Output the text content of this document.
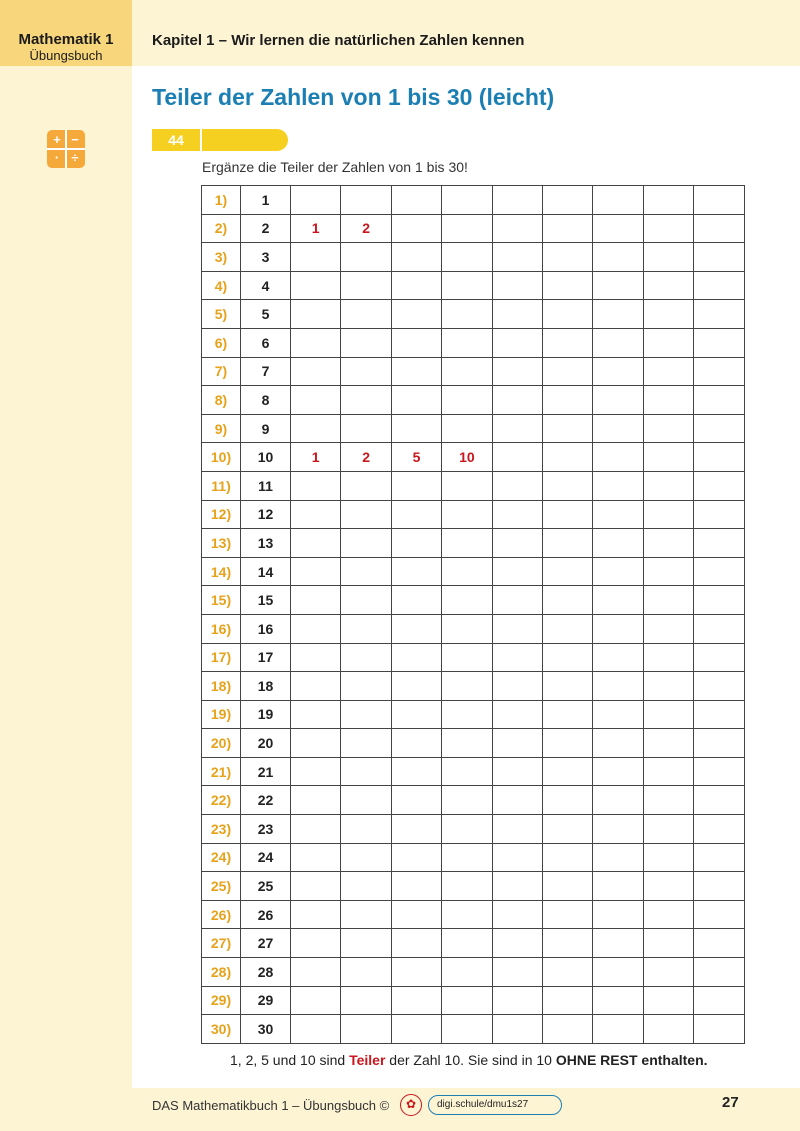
Mathematik 1
Übungsbuch
Kapitel 1 – Wir lernen die natürlichen Zahlen kennen
Teiler der Zahlen von 1 bis 30 (leicht)
+ −
· ÷
44
Ergänze die Teiler der Zahlen von 1 bis 30!
1)	1									
2)	2	1	2							
3)	3									
4)	4									
5)	5									
6)	6									
7)	7									
8)	8									
9)	9									
10)	10	1	2	5	10					
11)	11									
12)	12									
13)	13									
14)	14									
15)	15									
16)	16									
17)	17									
18)	18									
19)	19									
20)	20									
21)	21									
22)	22									
23)	23									
24)	24									
25)	25									
26)	26									
27)	27									
28)	28									
29)	29									
30)	30									
1, 2, 5 und 10 sind Teiler der Zahl 10. Sie sind in 10 OHNE REST enthalten.
DAS Mathematikbuch 1 – Übungsbuch ©	✿	digi.schule/dmu1s27	27
